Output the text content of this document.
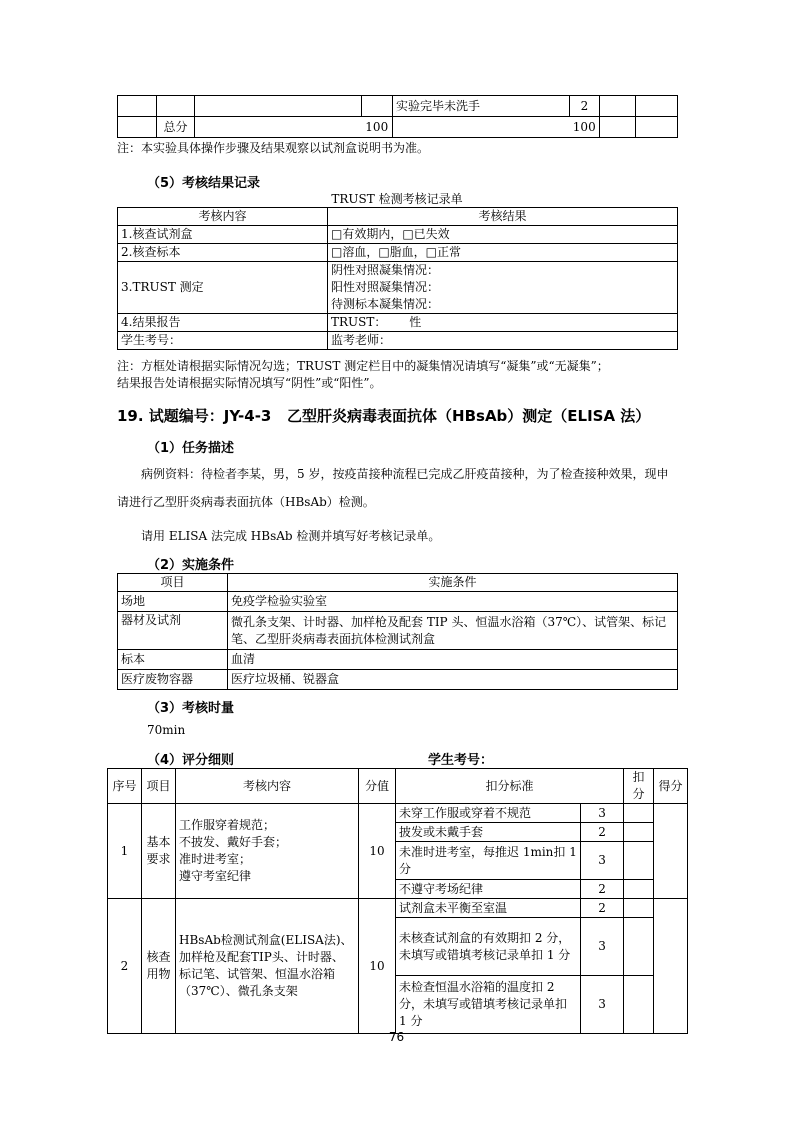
				实验完毕未洗手	2		
	总分		100		100		
注：本实验具体操作步骤及结果观察以试剂盒说明书为准。
（5）考核结果记录
TRUST 检测考核记录单
考核内容	考核结果
1.核查试剂盒	□有效期内，□已失效
2.核查标本	□溶血，□脂血，□正常
3.TRUST 测定	阴性对照凝集情况：
阳性对照凝集情况：
待测标本凝集情况：

4.结果报告	TRUST：      性
学生考号：	监考老师：
注：方框处请根据实际情况勾选；TRUST 测定栏目中的凝集情况请填写“凝集”或“无凝集”；
结果报告处请根据实际情况填写“阴性”或“阳性”。
19. 试题编号：JY-4-3   乙型肝炎病毒表面抗体（HBsAb）测定（ELISA 法）
（1）任务描述
病例资料：待检者李某，男，5 岁，按疫苗接种流程已完成乙肝疫苗接种，为了检查接种效果，现申请进行乙型肝炎病毒表面抗体（HBsAb）检测。
请用 ELISA 法完成 HBsAb 检测并填写好考核记录单。
（2）实施条件
项目	实施条件
场地	免疫学检验实验室
器材及试剂	微孔条支架、计时器、加样枪及配套 TIP 头、恒温水浴箱（37℃）、试管架、标记笔、乙型肝炎病毒表面抗体检测试剂盒
标本	血清
医疗废物容器	医疗垃圾桶、锐器盒
（3）考核时量
70min
（4）评分细则	学生考号：
序号	项目	考核内容	分值	扣分标准		扣分	得分
1	基本要求	工作服穿着规范；
不披发、戴好手套；
准时进考室；
遵守考室纪律	10	未穿工作服或穿着不规范	3		
				披发或未戴手套	2		
				未准时进考室，每推迟 1min扣 1 分	3		
				不遵守考场纪律	2		
2	核查用物	HBsAb检测试剂盒(ELISA法)、加样枪及配套TIP头、计时器、标记笔、试管架、恒温水浴箱（37℃）、微孔条支架	10	试剂盒未平衡至室温	2		
				未核查试剂盒的有效期扣 2 分，未填写或错填考核记录单扣 1 分	3		
				未检查恒温水浴箱的温度扣 2 分，未填写或错填考核记录单扣 1 分	3		
76
